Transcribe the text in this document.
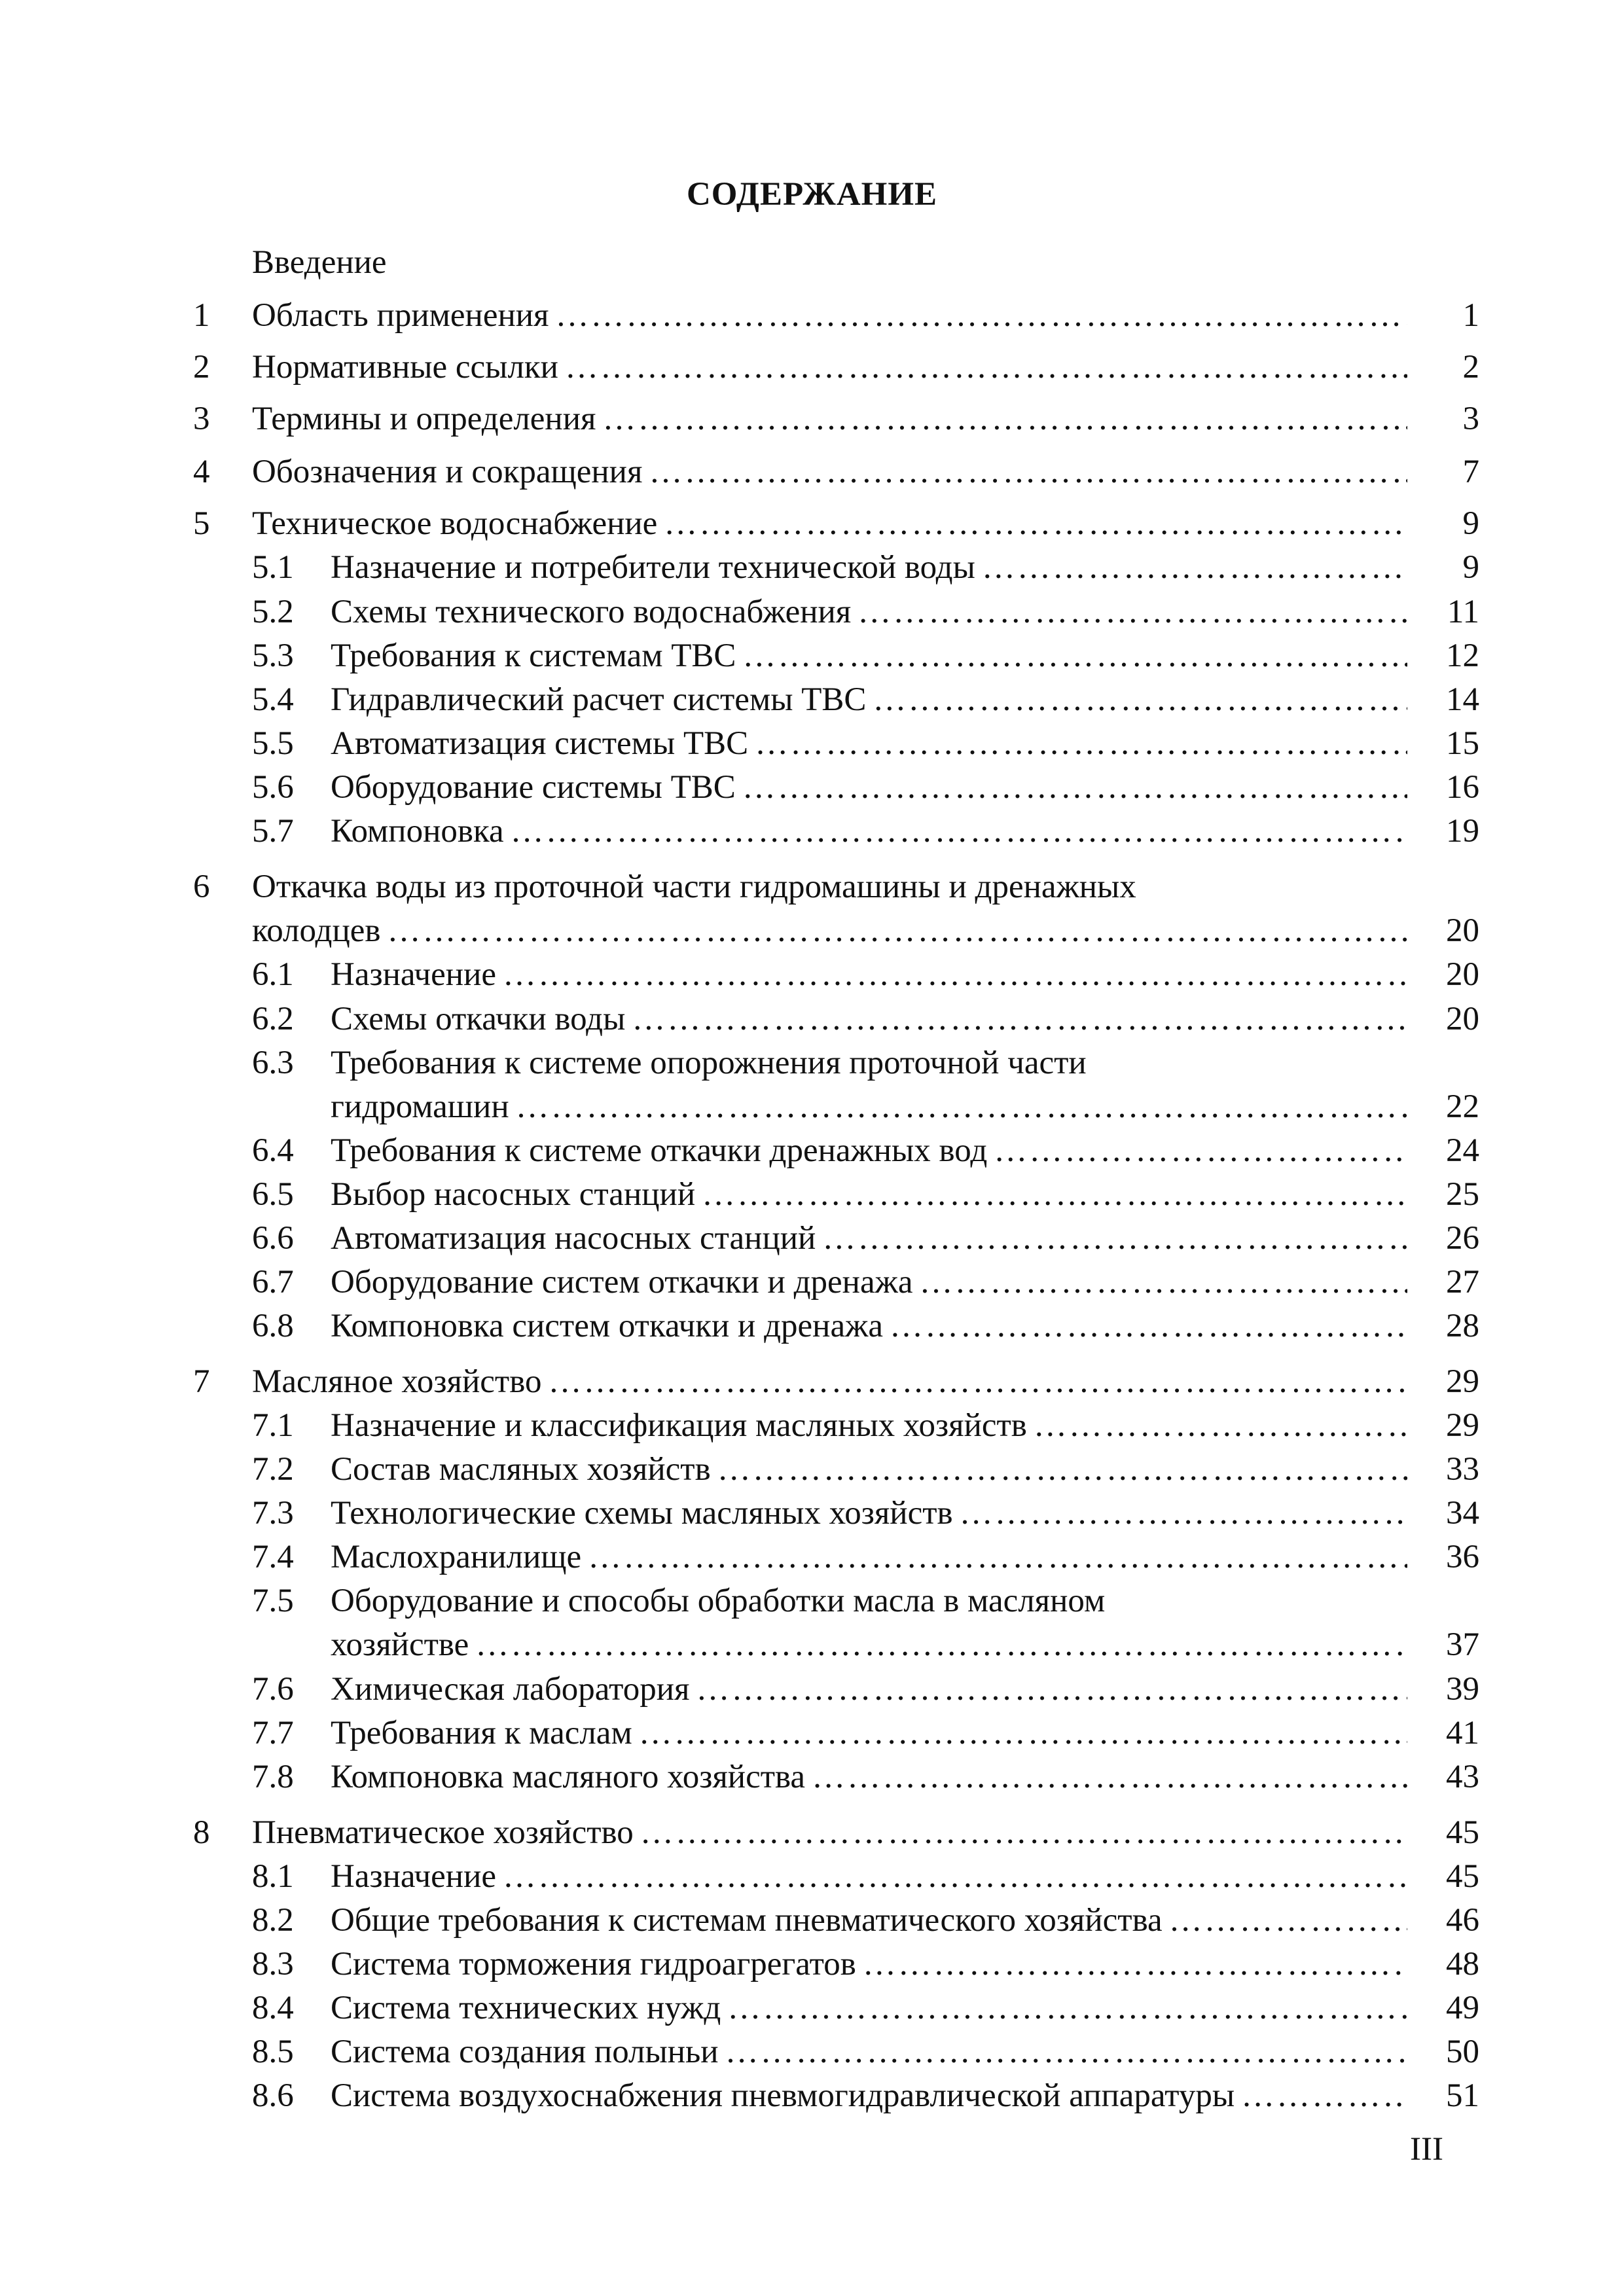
СОДЕРЖАНИЕ
Введение
1 Область применения ……………………………………………………………………………………………………………………………………………………………………	1
2 Нормативные ссылки ……………………………………………………………………………………………………………………………………………………………………	2
3 Термины и определения ……………………………………………………………………………………………………………………………………………………………………	3
4 Обозначения и сокращения ……………………………………………………………………………………………………………………………………………………………………	7
5 Техническое водоснабжение ……………………………………………………………………………………………………………………………………………………………………	9
5.1 Назначение и потребители технической воды ……………………………………………………………………………………………………………………………………………………………………	9
5.2 Схемы технического водоснабжения ……………………………………………………………………………………………………………………………………………………………………	11
5.3 Требования к системам ТВС ……………………………………………………………………………………………………………………………………………………………………	12
5.4 Гидравлический расчет системы ТВС ……………………………………………………………………………………………………………………………………………………………………	14
5.5 Автоматизация системы ТВС ……………………………………………………………………………………………………………………………………………………………………	15
5.6 Оборудование системы ТВС ……………………………………………………………………………………………………………………………………………………………………	16
5.7 Компоновка ……………………………………………………………………………………………………………………………………………………………………	19
6 Откачка воды из проточной части гидромашины и дренажных
колодцев ……………………………………………………………………………………………………………………………………………………………………	20
6.1 Назначение ……………………………………………………………………………………………………………………………………………………………………	20
6.2 Схемы откачки воды ……………………………………………………………………………………………………………………………………………………………………	20
6.3 Требования к системе опорожнения проточной части
гидромашин ……………………………………………………………………………………………………………………………………………………………………	22
6.4 Требования к системе откачки дренажных вод ……………………………………………………………………………………………………………………………………………………………………	24
6.5 Выбор насосных станций ……………………………………………………………………………………………………………………………………………………………………	25
6.6 Автоматизация насосных станций ……………………………………………………………………………………………………………………………………………………………………	26
6.7 Оборудование систем откачки и дренажа ……………………………………………………………………………………………………………………………………………………………………	27
6.8 Компоновка систем откачки и дренажа ……………………………………………………………………………………………………………………………………………………………………	28
7 Масляное хозяйство ……………………………………………………………………………………………………………………………………………………………………	29
7.1 Назначение и классификация масляных хозяйств ……………………………………………………………………………………………………………………………………………………………………	29
7.2 Состав масляных хозяйств ……………………………………………………………………………………………………………………………………………………………………	33
7.3 Технологические схемы масляных хозяйств ……………………………………………………………………………………………………………………………………………………………………	34
7.4 Маслохранилище ……………………………………………………………………………………………………………………………………………………………………	36
7.5 Оборудование и способы обработки масла в масляном
хозяйстве ……………………………………………………………………………………………………………………………………………………………………	37
7.6 Химическая лаборатория ……………………………………………………………………………………………………………………………………………………………………	39
7.7 Требования к маслам ……………………………………………………………………………………………………………………………………………………………………	41
7.8 Компоновка масляного хозяйства ……………………………………………………………………………………………………………………………………………………………………	43
8 Пневматическое хозяйство ……………………………………………………………………………………………………………………………………………………………………	45
8.1 Назначение ……………………………………………………………………………………………………………………………………………………………………	45
8.2 Общие требования к системам пневматического хозяйства ……………………………………………………………………………………………………………………………………………………………………	46
8.3 Система торможения гидроагрегатов ……………………………………………………………………………………………………………………………………………………………………	48
8.4 Система технических нужд ……………………………………………………………………………………………………………………………………………………………………	49
8.5 Система создания полыньи ……………………………………………………………………………………………………………………………………………………………………	50
8.6 Система воздухоснабжения пневмогидравлической аппаратуры ……………………………………………………………………………………………………………………………………………………………………	51
III
